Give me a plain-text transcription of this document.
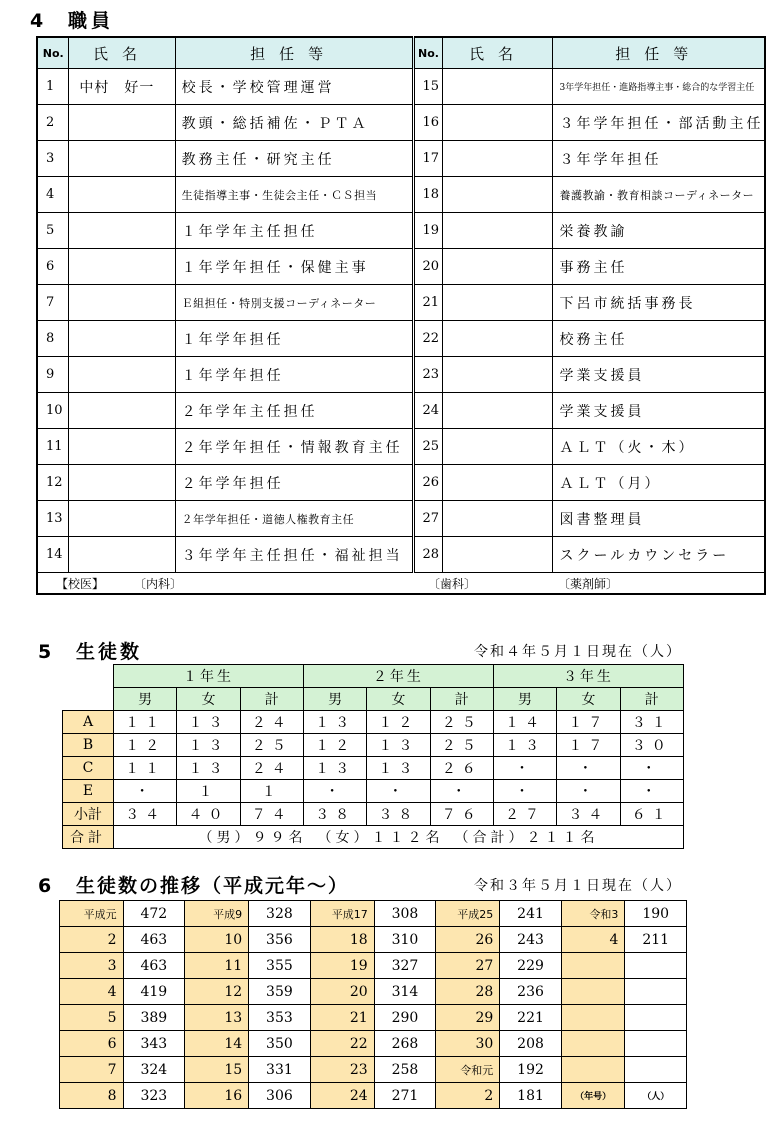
4 職員
No.	氏名	担任等	No.	氏名	担任等
1	中村　好一	校長・学校管理運営	15		3年学年担任・進路指導主事・総合的な学習主任
2		教頭・総括補佐・ＰＴＡ	16		３年学年担任・部活動主任
3		教務主任・研究主任	17		３年学年担任
4		生徒指導主事・生徒会主任・ＣＳ担当	18		養護教諭・教育相談コーディネーター
5		１年学年主任担任	19		栄養教諭
6		１年学年担任・保健主事	20		事務主任
7		Ｅ組担任・特別支援コーディネーター	21		下呂市統括事務長
8		１年学年担任	22		校務主任
9		１年学年担任	23		学業支援員
10		２年学年主任担任	24		学業支援員
11		２年学年担任・情報教育主任	25		ＡＬＴ（火・木）
12		２年学年担任	26		ＡＬＴ（月）
13		２年学年担任・道徳人権教育主任	27		図書整理員
14		３年学年主任担任・福祉担当	28		スクールカウンセラー

【校医】 〔内科〕 〔歯科〕 〔薬剤師〕					
5 生徒数	令和４年５月１日現在（人）
	１年生			２年生			３年生		
	男	女	計	男	女	計	男	女	計
A	１１	１３	２４	１３	１２	２５	１４	１７	３１
B	１２	１３	２５	１２	１３	２５	１３	１７	３０
C	１１	１３	２４	１３	１３	２６	・	・	・
E	・	１	１	・	・	・	・	・	・
小計	３４	４０	７４	３８	３８	７６	２７	３４	６１
合計	（男）９９名　（女）１１２名　（合計）２１１名								
6 生徒数の推移（平成元年〜）	令和３年５月１日現在（人）
平成元	472	平成9	328	平成17	308	平成25	241	令和3	190
2	463	10	356	18	310	26	243	4	211
3	463	11	355	19	327	27	229		
4	419	12	359	20	314	28	236		
5	389	13	353	21	290	29	221		
6	343	14	350	22	268	30	208		
7	324	15	331	23	258	令和元	192		
8	323	16	306	24	271	2	181	（年号）	（人）
